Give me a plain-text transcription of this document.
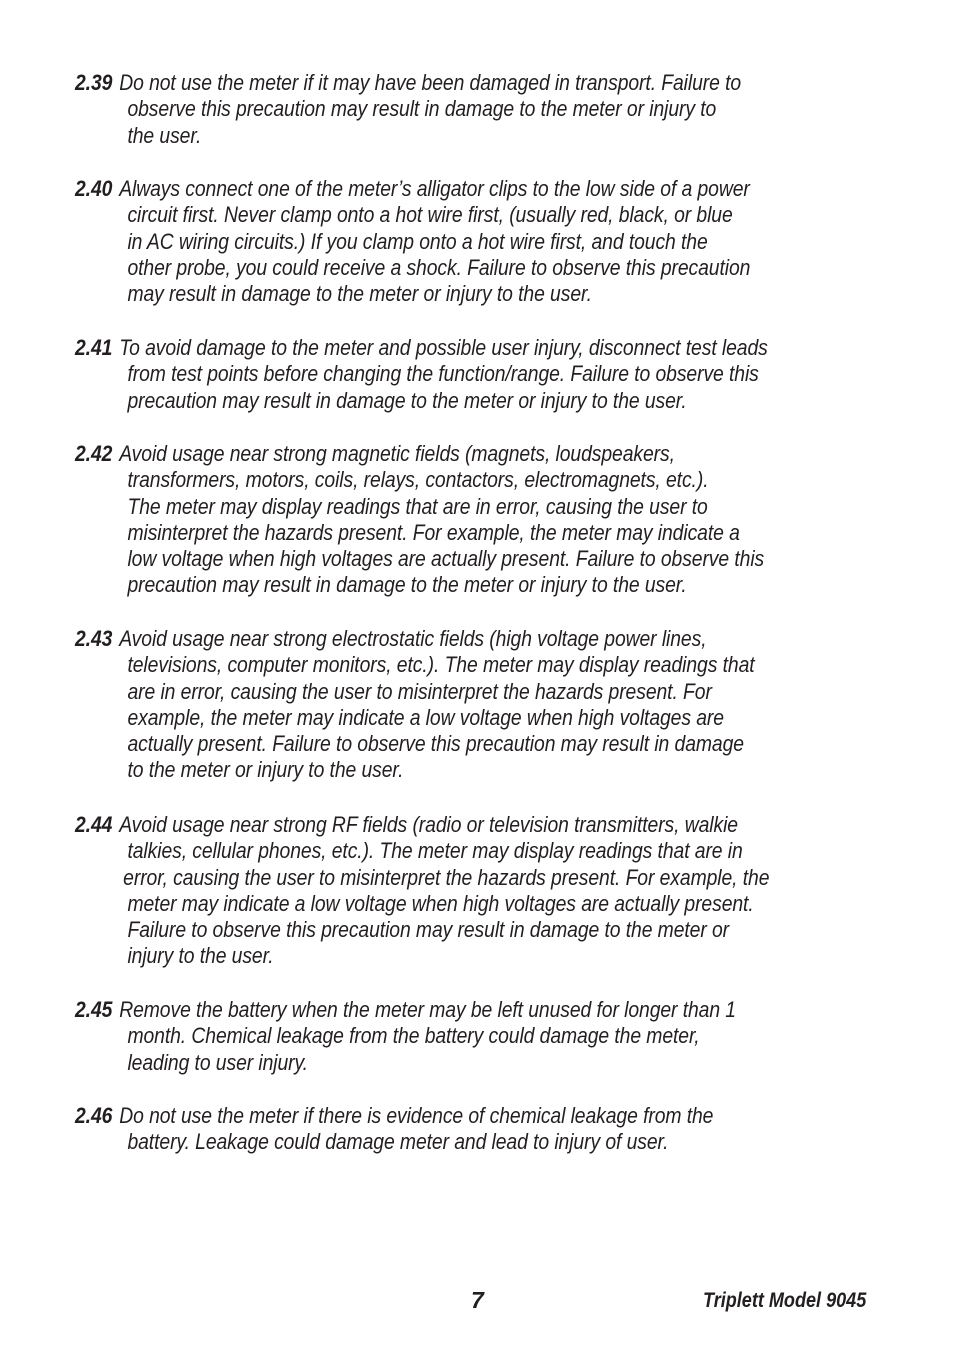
2.39 Do not use the meter if it may have been damaged in transport. Failure to
observe this precaution may result in damage to the meter or injury to
the user.
2.40 Always connect one of the meter’s alligator clips to the low side of a power
circuit first. Never clamp onto a hot wire first, (usually red, black, or blue
in AC wiring circuits.) If you clamp onto a hot wire first, and touch the
other probe, you could receive a shock. Failure to observe this precaution
may result in damage to the meter or injury to the user.
2.41 To avoid damage to the meter and possible user injury, disconnect test leads
from test points before changing the function/range. Failure to observe this
precaution may result in damage to the meter or injury to the user.
2.42 Avoid usage near strong magnetic fields (magnets, loudspeakers,
transformers, motors, coils, relays, contactors, electromagnets, etc.).
The meter may display readings that are in error, causing the user to
misinterpret the hazards present. For example, the meter may indicate a
low voltage when high voltages are actually present. Failure to observe this
precaution may result in damage to the meter or injury to the user.
2.43 Avoid usage near strong electrostatic fields (high voltage power lines,
televisions, computer monitors, etc.). The meter may display readings that
are in error, causing the user to misinterpret the hazards present. For
example, the meter may indicate a low voltage when high voltages are
actually present. Failure to observe this precaution may result in damage
to the meter or injury to the user.
2.44 Avoid usage near strong RF fields (radio or television transmitters, walkie
talkies, cellular phones, etc.). The meter may display readings that are in
error, causing the user to misinterpret the hazards present. For example, the
meter may indicate a low voltage when high voltages are actually present.
Failure to observe this precaution may result in damage to the meter or
injury to the user.
2.45 Remove the battery when the meter may be left unused for longer than 1
month. Chemical leakage from the battery could damage the meter,
leading to user injury.
2.46 Do not use the meter if there is evidence of chemical leakage from the
battery. Leakage could damage meter and lead to injury of user.
7	Triplett Model 9045
